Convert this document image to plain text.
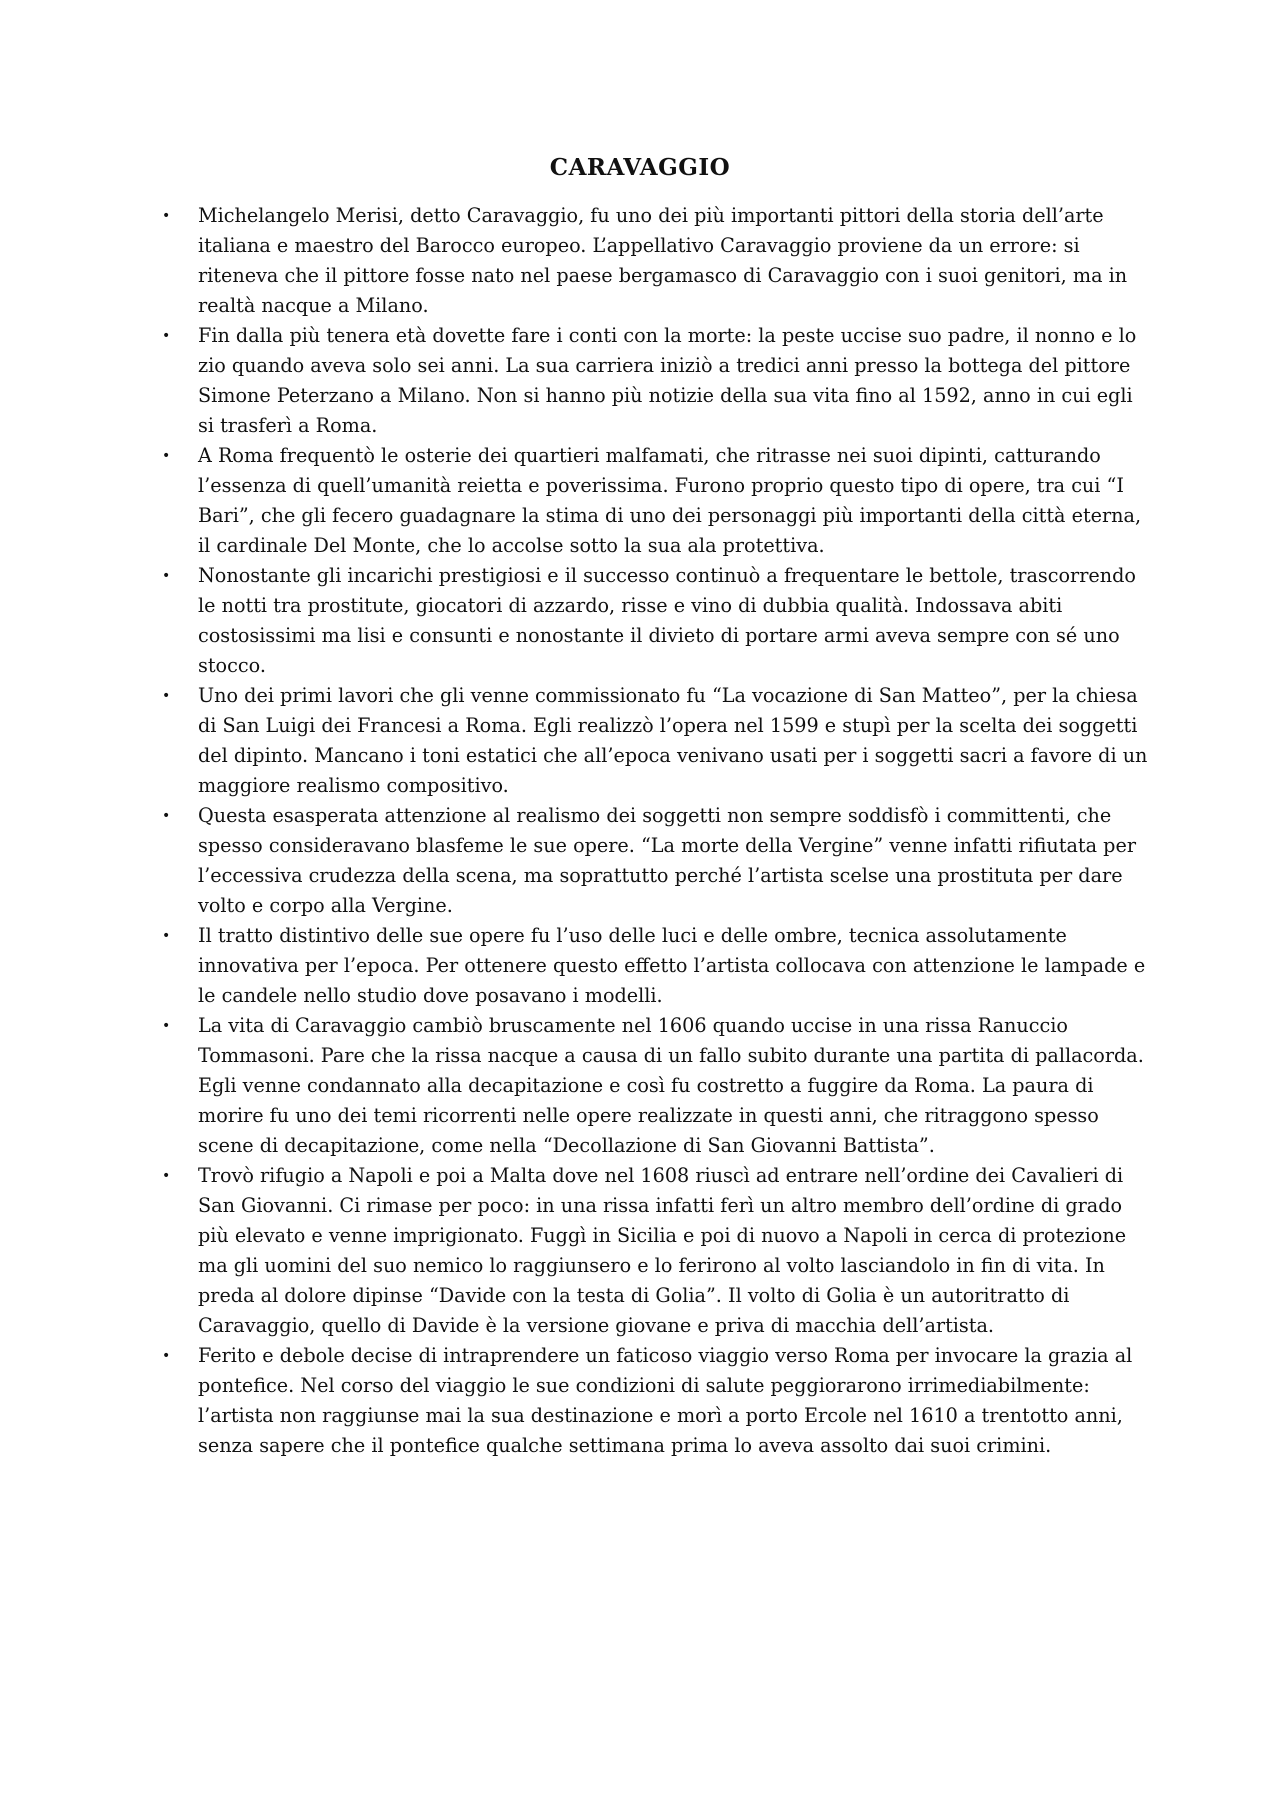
CARAVAGGIO
•	Michelangelo Merisi, detto Caravaggio, fu uno dei più importanti pittori della storia dell’arte italiana e maestro del Barocco europeo. L’appellativo Caravaggio proviene da un errore: si riteneva che il pittore fosse nato nel paese bergamasco di Caravaggio con i suoi genitori, ma in realtà nacque a Milano.
•	Fin dalla più tenera età dovette fare i conti con la morte: la peste uccise suo padre, il nonno e lo zio quando aveva solo sei anni. La sua carriera iniziò a tredici anni presso la bottega del pittore Simone Peterzano a Milano. Non si hanno più notizie della sua vita fino al 1592, anno in cui egli si trasferì a Roma.
•	A Roma frequentò le osterie dei quartieri malfamati, che ritrasse nei suoi dipinti, catturando l’essenza di quell’umanità reietta e poverissima. Furono proprio questo tipo di opere, tra cui “I Bari”, che gli fecero guadagnare la stima di uno dei personaggi più importanti della città eterna, il cardinale Del Monte, che lo accolse sotto la sua ala protettiva.
•	Nonostante gli incarichi prestigiosi e il successo continuò a frequentare le bettole, trascorrendo le notti tra prostitute, giocatori di azzardo, risse e vino di dubbia qualità. Indossava abiti costosissimi ma lisi e consunti e nonostante il divieto di portare armi aveva sempre con sé uno stocco.
•	Uno dei primi lavori che gli venne commissionato fu “La vocazione di San Matteo”, per la chiesa di San Luigi dei Francesi a Roma. Egli realizzò l’opera nel 1599 e stupì per la scelta dei soggetti del dipinto. Mancano i toni estatici che all’epoca venivano usati per i soggetti sacri a favore di un maggiore realismo compositivo.
•	Questa esasperata attenzione al realismo dei soggetti non sempre soddisfò i committenti, che spesso consideravano blasfeme le sue opere. “La morte della Vergine” venne infatti rifiutata per l’eccessiva crudezza della scena, ma soprattutto perché l’artista scelse una prostituta per dare volto e corpo alla Vergine.
•	Il tratto distintivo delle sue opere fu l’uso delle luci e delle ombre, tecnica assolutamente innovativa per l’epoca. Per ottenere questo effetto l’artista collocava con attenzione le lampade e le candele nello studio dove posavano i modelli.
•	La vita di Caravaggio cambiò bruscamente nel 1606 quando uccise in una rissa Ranuccio Tommasoni. Pare che la rissa nacque a causa di un fallo subito durante una partita di pallacorda. Egli venne condannato alla decapitazione e così fu costretto a fuggire da Roma. La paura di morire fu uno dei temi ricorrenti nelle opere realizzate in questi anni, che ritraggono spesso scene di decapitazione, come nella “Decollazione di San Giovanni Battista”.
•	Trovò rifugio a Napoli e poi a Malta dove nel 1608 riuscì ad entrare nell’ordine dei Cavalieri di San Giovanni. Ci rimase per poco: in una rissa infatti ferì un altro membro dell’ordine di grado più elevato e venne imprigionato. Fuggì in Sicilia e poi di nuovo a Napoli in cerca di protezione ma gli uomini del suo nemico lo raggiunsero e lo ferirono al volto lasciandolo in fin di vita. In preda al dolore dipinse “Davide con la testa di Golia”. Il volto di Golia è un autoritratto di Caravaggio, quello di Davide è la versione giovane e priva di macchia dell’artista.
•	Ferito e debole decise di intraprendere un faticoso viaggio verso Roma per invocare la grazia al pontefice. Nel corso del viaggio le sue condizioni di salute peggiorarono irrimediabilmente: l’artista non raggiunse mai la sua destinazione e morì a porto Ercole nel 1610 a trentotto anni, senza sapere che il pontefice qualche settimana prima lo aveva assolto dai suoi crimini.
